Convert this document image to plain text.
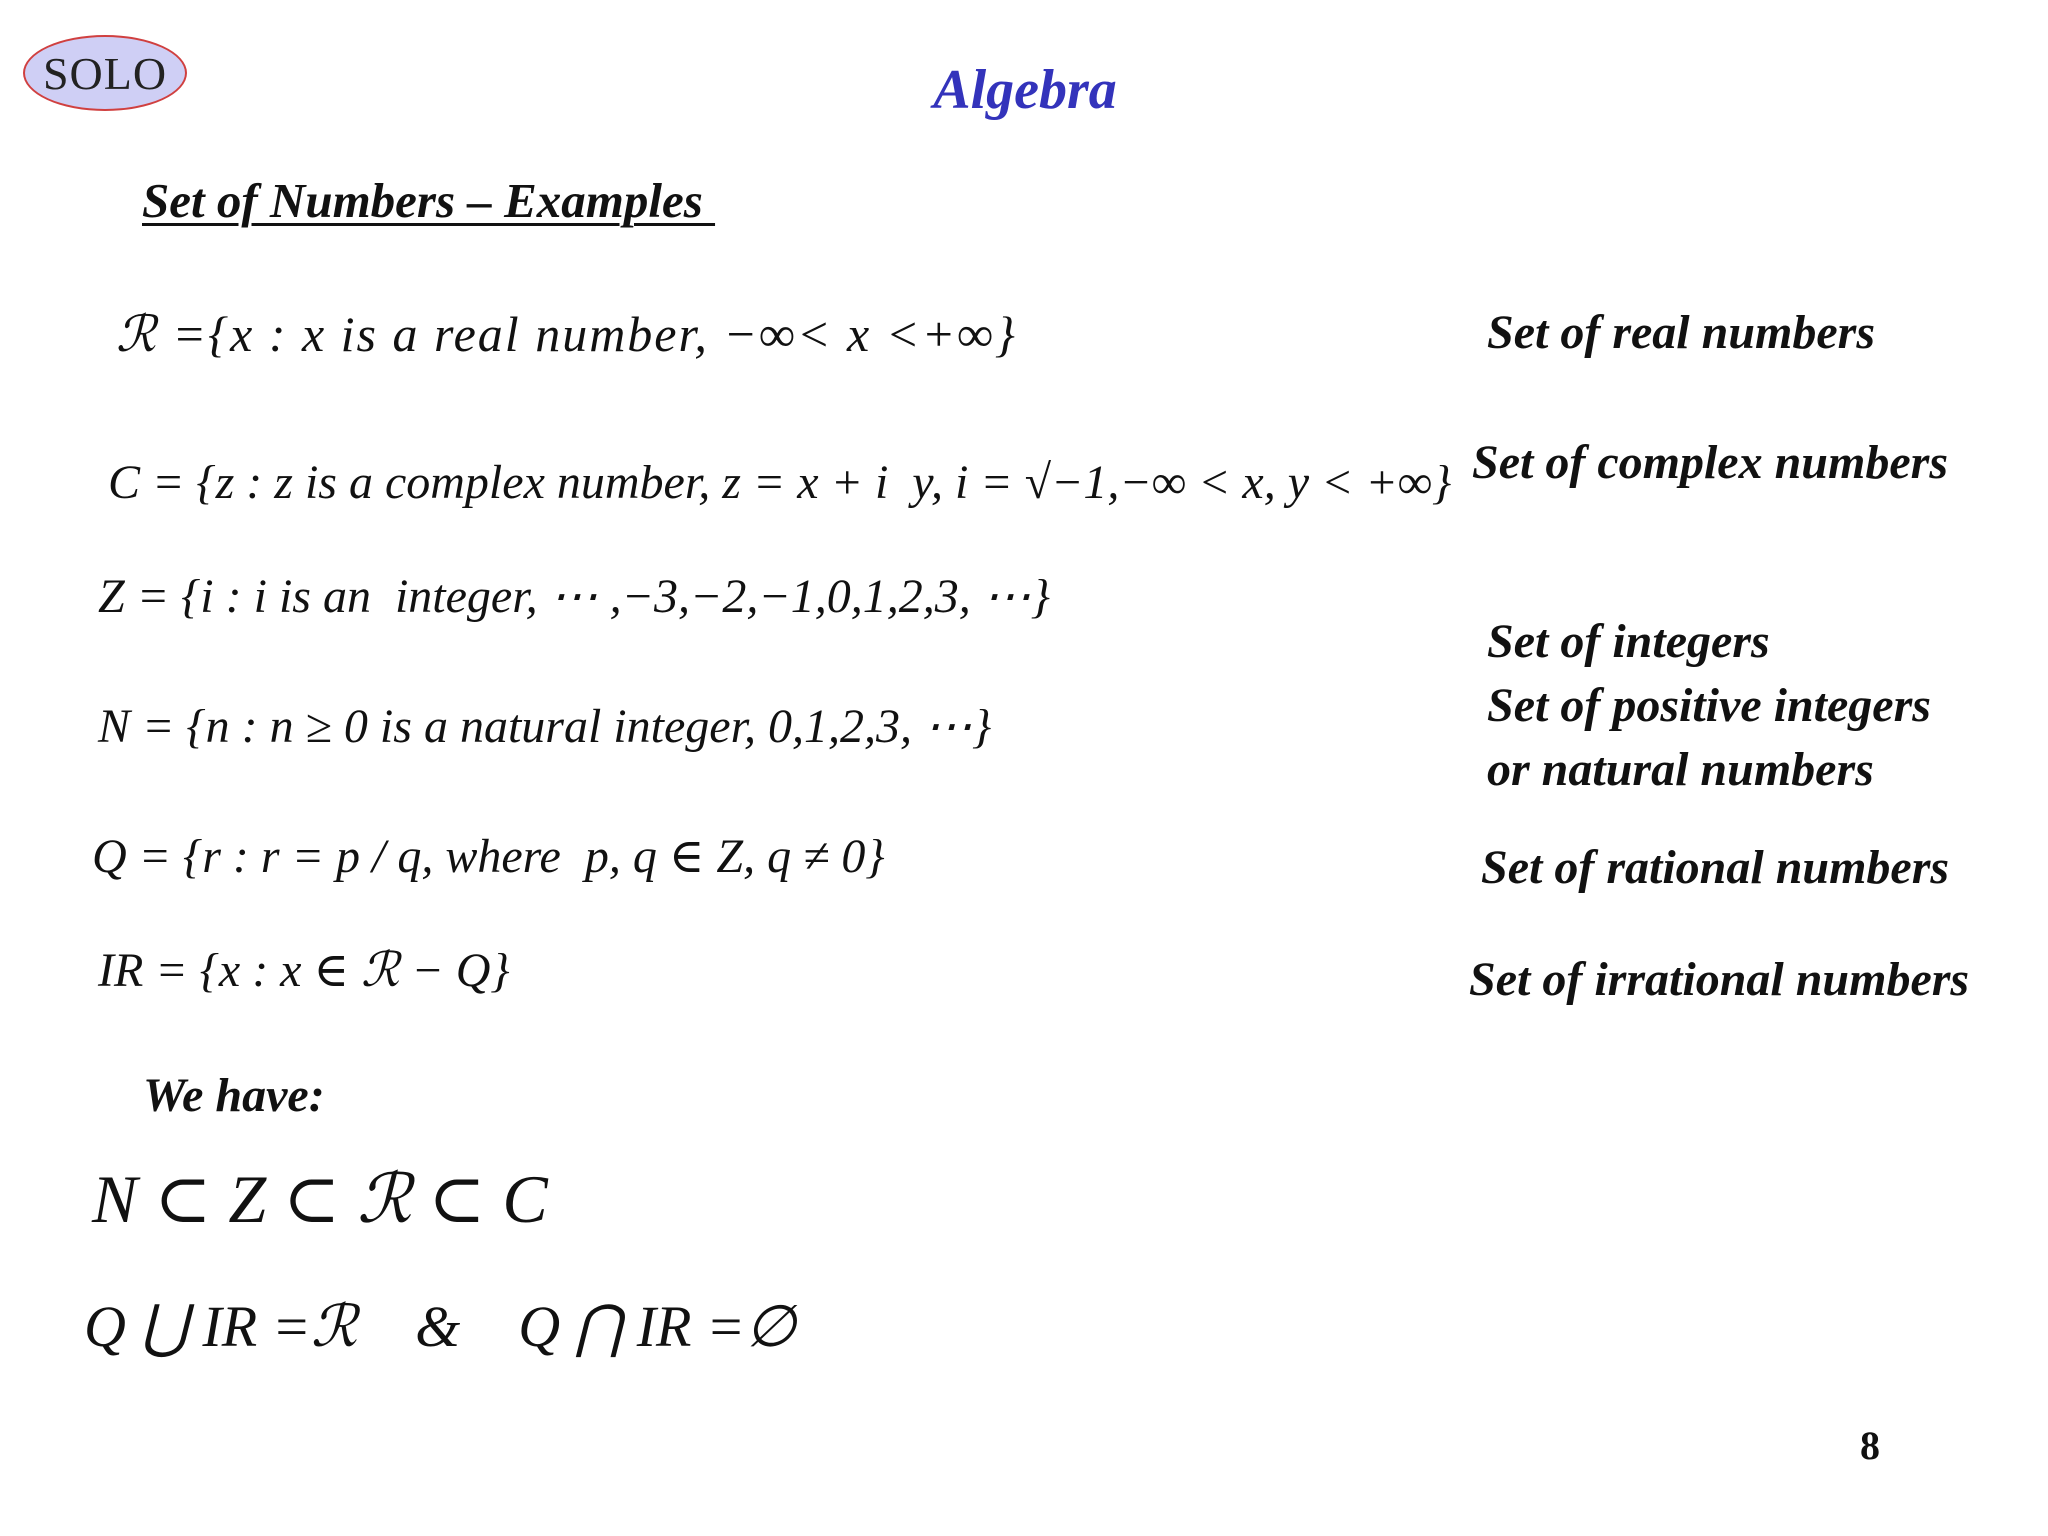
SOLO	Algebra
Set of Numbers – Examples
ℛ ={x : x is a real number, −∞< x <+∞}
C = {z : z is a complex number, z = x + i  y, i = √−1,−∞ < x, y < +∞}
Z = {i : i is an  integer, ⋯ ,−3,−2,−1,0,1,2,3, ⋯}
N = {n : n ≥ 0 is a natural integer, 0,1,2,3, ⋯}
Q = {r : r = p / q, where  p, q ∈ Z, q ≠ 0}
IR = {x : x ∈ ℛ − Q}
Set of real numbers
Set of complex numbers
Set of integers
Set of positive integers
or natural numbers
Set of rational numbers
Set of irrational numbers
We have:
N ⊂ Z ⊂ ℛ ⊂ C
Q ⋃ IR =ℛ    &    Q ⋂ IR =∅
8
